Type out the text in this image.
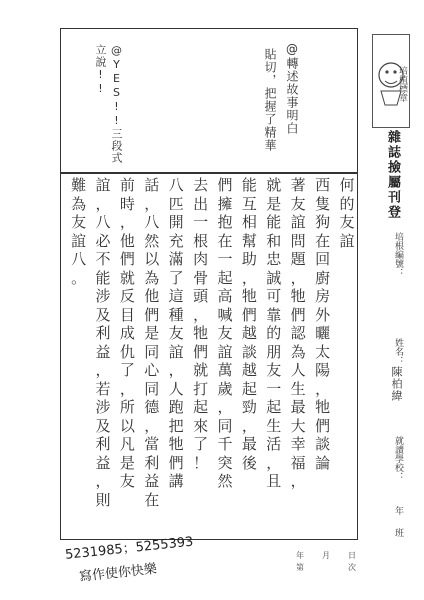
@YES!!三段式立說!!	@轉述故事明白
貼切，把握了精華	培植標章
雜誌撿屬刊登
培根編號：
姓名：
陳柏緯
就讀學校：
年
班
何
的
友
誼
西
隻
狗
在
回
廚
房
外
曬
太
陽
，
牠
們
談
論
著
友
誼
問
題
，
牠
們
認
為
人
生
最
大
幸
福
，
就
是
能
和
忠
誠
可
靠
的
朋
友
一
起
生
活
，
且
能
互
相
幫
助
，
牠
們
越
談
越
起
勁
，
最
後
們
擁
抱
在
一
起
高
喊
友
誼
萬
歲
，
同
千
突
然
去
出
一
根
肉
骨
頭
，
牠
們
就
打
起
來
了
！
八
匹
開
充
滿
了
這
種
友
誼
，
人
跑
把
牠
們
講
話
，
八
然
以
為
他
們
是
同
心
同
德
，
當
利
益
在
前
時
，
他
們
就
反
目
成
仇
了
，
所
以
凡
是
友
誼
，
八
必
不
能
涉
及
利
益
，
若
涉
及
利
益
，
則
難
為
友
誼
八
。
5231985；5255393
寫作使你快樂
年 月 日
第	次
